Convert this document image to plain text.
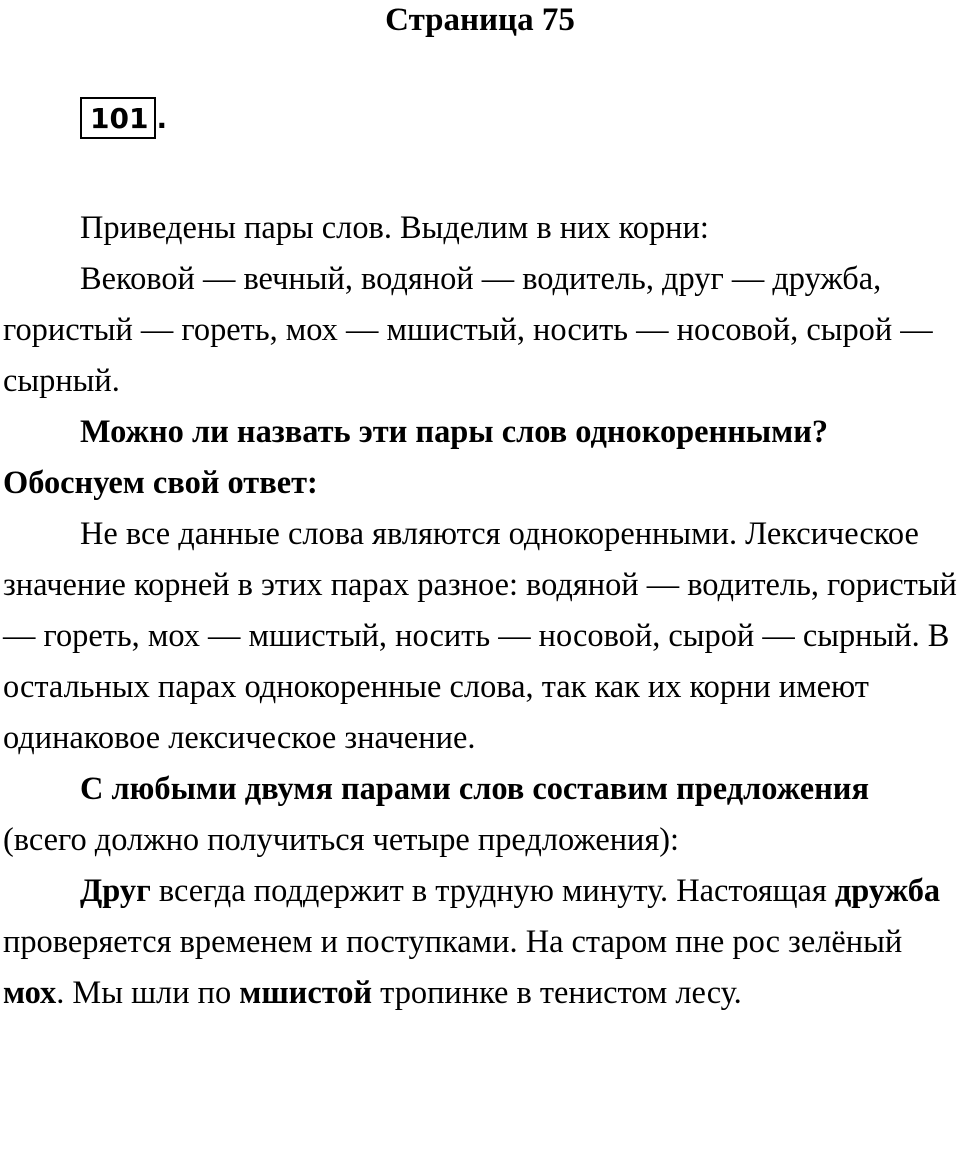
Страница 75
101 .

Приведены пары слов. Выделим в них корни:

Вековой — вечный, водяной — водитель, друг — дружба, гористый — гореть, мох — мшистый, носить — носовой, сырой — сырный.

Можно ли назвать эти пары слов однокоренными? Обоснуем свой ответ:

Не все данные слова являются однокоренными. Лексическое значение корней в этих парах разное: водяной — водитель, гористый — гореть, мох — мшистый, носить — носовой, сырой — сырный. В остальных парах однокоренные слова, так как их корни имеют одинаковое лексическое значение.

С любыми двумя парами слов составим предложения (всего должно получиться четыре предложения):

Друг всегда поддержит в трудную минуту. Настоящая дружба проверяется временем и поступками. На старом пне рос зелёный мох. Мы шли по мшистой тропинке в тенистом лесу.
